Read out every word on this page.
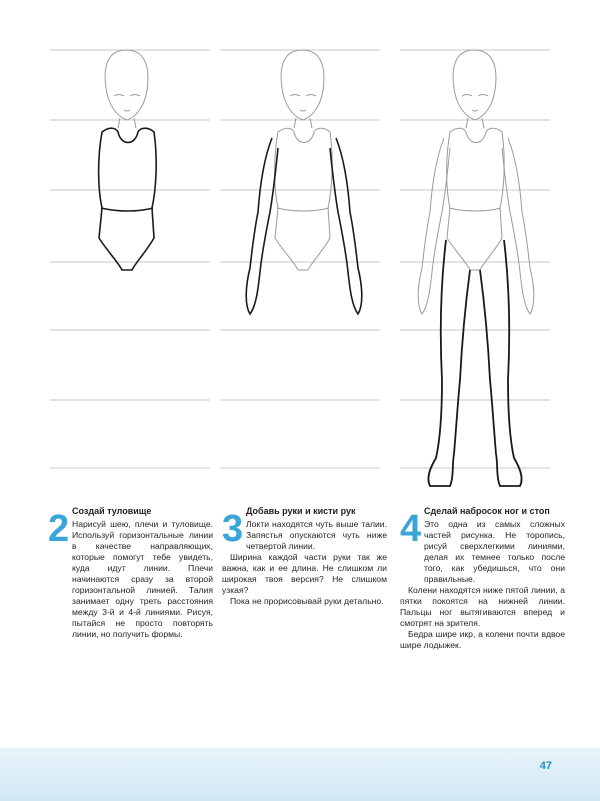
2 Создай туловище

Нарисуй шею, плечи и туловище. Используй горизонтальные линии в качестве направляющих, которые помогут тебе увидеть, куда идут линии. Плечи начинаются сразу за второй горизонтальной линией. Талия занимает одну треть расстояния между 3-й и 4-й линиями. Рисуя, пытайся не просто повторять линии, но получить формы.

3 Добавь руки и кисти рук

Локти находятся чуть выше талии. Запястья опускаются чуть ниже четвертой линии.

Ширина каждой части руки так же важна, как и ее длина. Не слишком ли широкая твоя версия? Не слишком узкая?

Пока не прорисовывай руки детально.

4 Сделай набросок ног и стоп

Это одна из самых сложных частей рисунка. Не торопись, рисуй сверхлегкими линиями, делая их темнее только после того, как убедишься, что они правильные.

Колени находятся ниже пятой линии, а пятки покоятся на нижней линии. Пальцы ног вытягиваются вперед и смотрят на зрителя.

Бедра шире икр, а колени почти вдвое шире лодыжек.

47
